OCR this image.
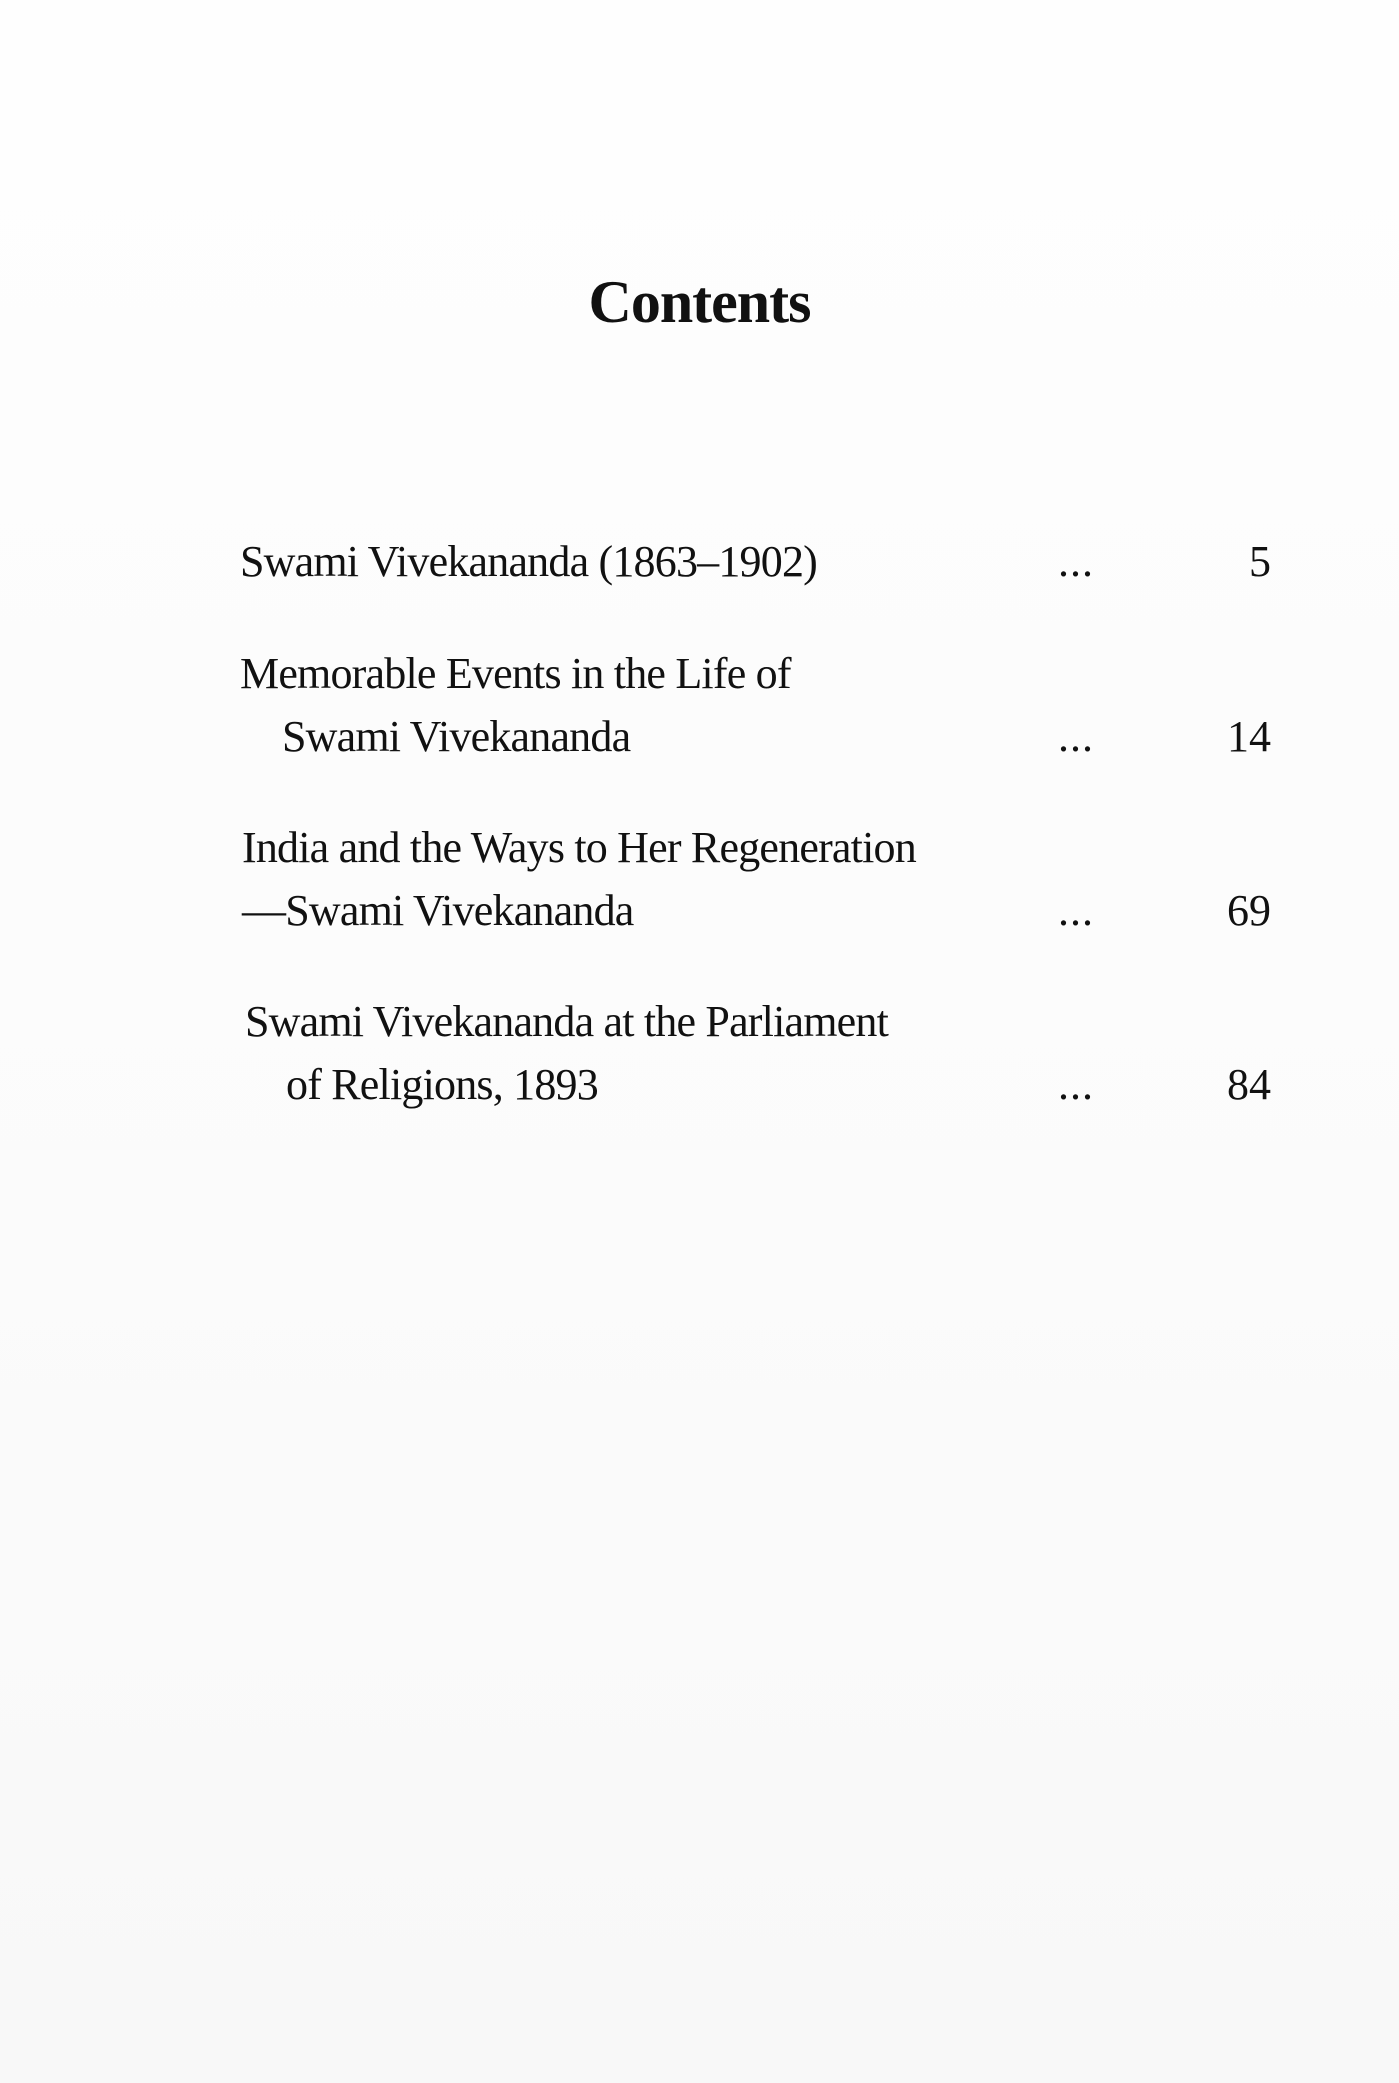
Contents
Swami Vivekananda (1863–1902)	...	5
Memorable Events in the Life of
Swami Vivekananda	...	14
India and the Ways to Her Regeneration
—Swami Vivekananda	...	69
Swami Vivekananda at the Parliament
of Religions, 1893	...	84
